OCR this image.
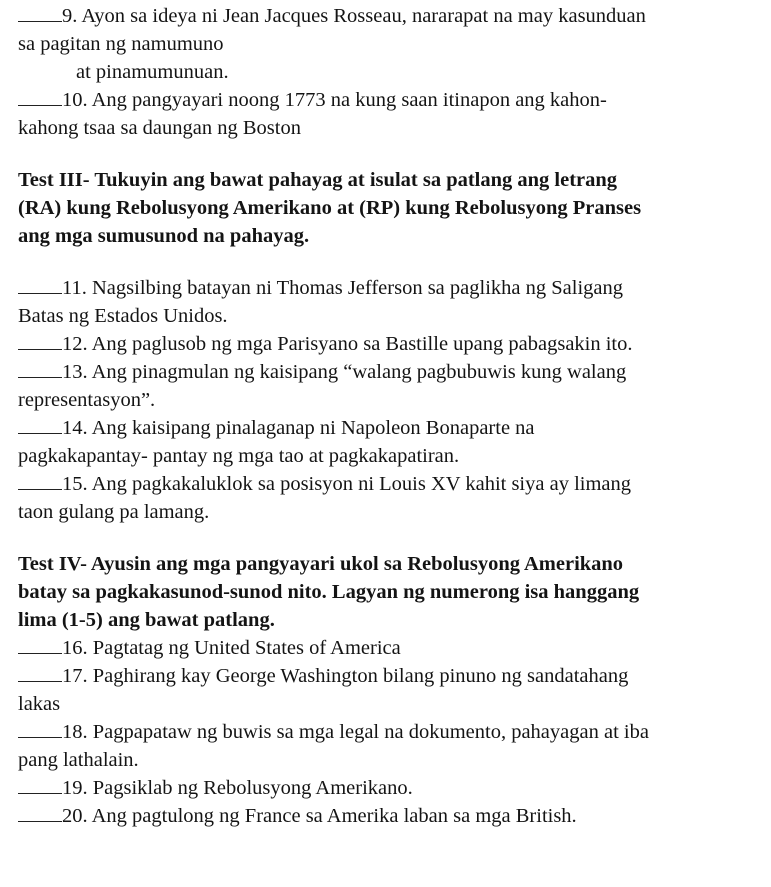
9. Ayon sa ideya ni Jean Jacques Rosseau, nararapat na may kasunduan
sa pagitan ng namumuno
at pinamumunuan.
10. Ang pangyayari noong 1773 na kung saan itinapon ang kahon-
kahong tsaa sa daungan ng Boston
Test III- Tukuyin ang bawat pahayag at isulat sa patlang ang letrang
(RA) kung Rebolusyong Amerikano at (RP) kung Rebolusyong Pranses
ang mga sumusunod na pahayag.
11. Nagsilbing batayan ni Thomas Jefferson sa paglikha ng Saligang
Batas ng Estados Unidos.
12. Ang paglusob ng mga Parisyano sa Bastille upang pabagsakin ito.
13. Ang pinagmulan ng kaisipang “walang pagbubuwis kung walang
representasyon”.
14. Ang kaisipang pinalaganap ni Napoleon Bonaparte na
pagkakapantay- pantay ng mga tao at pagkakapatiran.
15. Ang pagkakaluklok sa posisyon ni Louis XV kahit siya ay limang
taon gulang pa lamang.
Test IV- Ayusin ang mga pangyayari ukol sa Rebolusyong Amerikano
batay sa pagkakasunod-sunod nito. Lagyan ng numerong isa hanggang
lima (1-5) ang bawat patlang.
16. Pagtatag ng United States of America
17. Paghirang kay George Washington bilang pinuno ng sandatahang
lakas
18. Pagpapataw ng buwis sa mga legal na dokumento, pahayagan at iba
pang lathalain.
19. Pagsiklab ng Rebolusyong Amerikano.
20. Ang pagtulong ng France sa Amerika laban sa mga British.
